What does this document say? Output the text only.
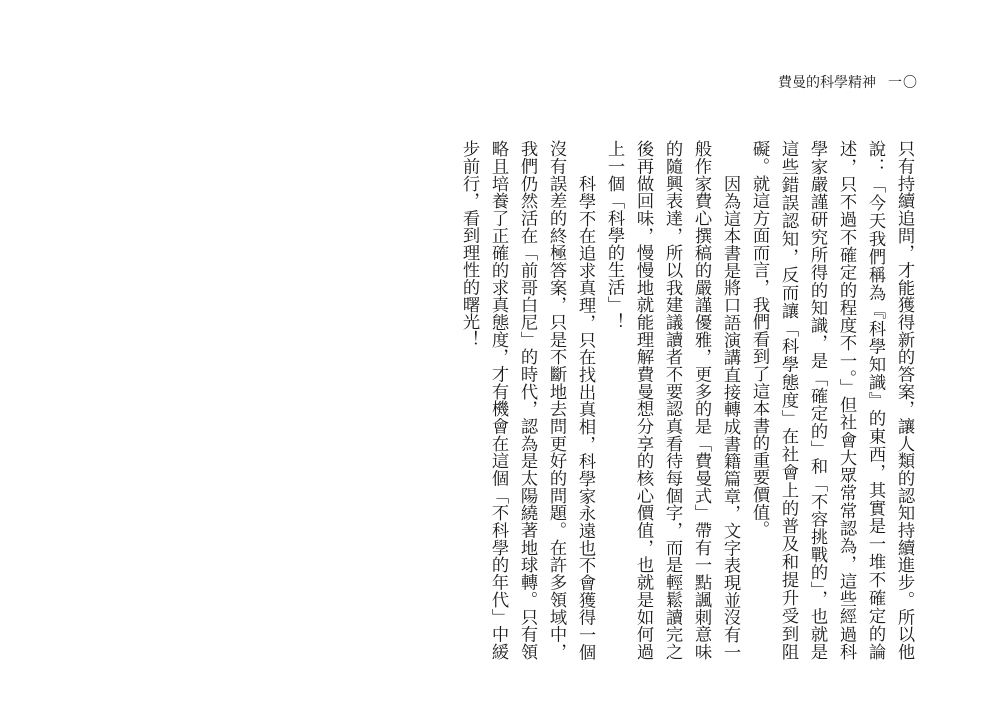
費曼的科學精神 一〇

只有持續追問，才能獲得新的答案，讓人類的認知持續進步。所以他說：「今天我們稱為『科學知識』的東西，其實是一堆不確定的論述，只不過不確定的程度不一。」但社會大眾常常認為，這些經過科學家嚴謹研究所得的知識，是「確定的」和「不容挑戰的」，也就是這些錯誤認知，反而讓「科學態度」在社會上的普及和提升受到阻礙。就這方面而言，我們看到了這本書的重要價值。

因為這本書是將口語演講直接轉成書籍篇章，文字表現並沒有一般作家費心撰稿的嚴謹優雅，更多的是「費曼式」帶有一點諷刺意味的隨興表達，所以我建議讀者不要認真看待每個字，而是輕鬆讀完之後再做回味，慢慢地就能理解費曼想分享的核心價值，也就是如何過上一個「科學的生活」！

科學不在追求真理，只在找出真相，科學家永遠也不會獲得一個沒有誤差的終極答案，只是不斷地去問更好的問題。在許多領域中，我們仍然活在「前哥白尼」的時代，認為是太陽繞著地球轉。只有領略且培養了正確的求真態度，才有機會在這個「不科學的年代」中緩步前行，看到理性的曙光！
